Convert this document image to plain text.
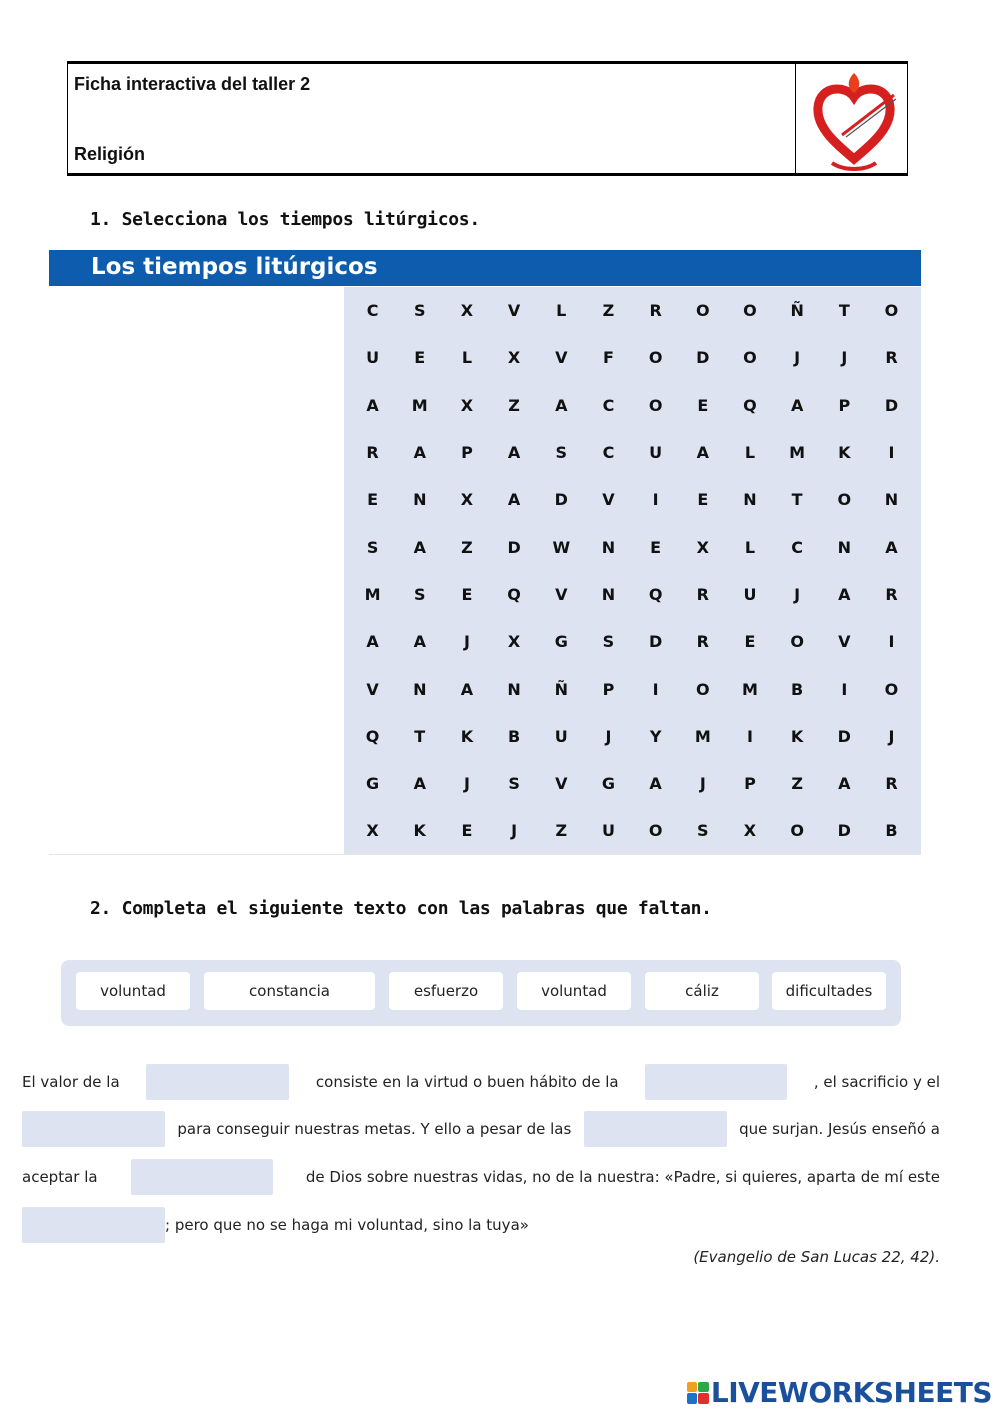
Ficha interactiva del taller 2
Religión
1. Selecciona los tiempos litúrgicos.
Los tiempos litúrgicos
C	S	X	V	L	Z	R	O	O	Ñ	T	O
U	E	L	X	V	F	O	D	O	J	J	R
A	M	X	Z	A	C	O	E	Q	A	P	D
R	A	P	A	S	C	U	A	L	M	K	I
E	N	X	A	D	V	I	E	N	T	O	N
S	A	Z	D	W	N	E	X	L	C	N	A
M	S	E	Q	V	N	Q	R	U	J	A	R
A	A	J	X	G	S	D	R	E	O	V	I
V	N	A	N	Ñ	P	I	O	M	B	I	O
Q	T	K	B	U	J	Y	M	I	K	D	J
G	A	J	S	V	G	A	J	P	Z	A	R
X	K	E	J	Z	U	O	S	X	O	D	B
2. Completa el siguiente texto con las palabras que faltan.
voluntad	constancia	esfuerzo	voluntad	cáliz	dificultades
El valor de la	consiste en la virtud o buen hábito de la	, el sacrificio y el
para conseguir nuestras metas. Y ello a pesar de las	que surjan. Jesús enseñó a
aceptar la	de Dios sobre nuestras vidas, no de la nuestra: «Padre, si quieres, aparta de mí este
; pero que no se haga mi voluntad, sino la tuya»
(Evangelio de San Lucas 22, 42).
LIVEWORKSHEETS
